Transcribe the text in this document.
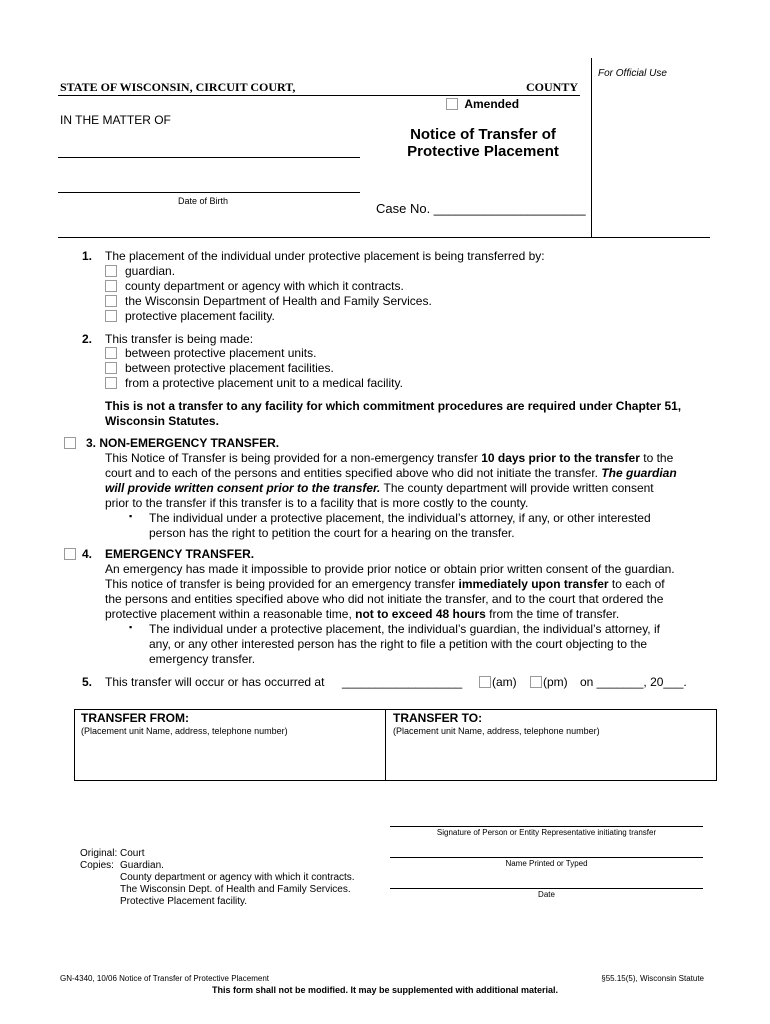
For Official Use
STATE OF WISCONSIN, CIRCUIT COURT,	COUNTY
Amended
IN THE MATTER OF
Date of Birth
Notice of Transfer of
Protective Placement
Case No. _____________________
1. The placement of the individual under protective placement is being transferred by:
guardian.
county department or agency with which it contracts.
the Wisconsin Department of Health and Family Services.
protective placement facility.
2. This transfer is being made:
between protective placement units.
between protective placement facilities.
from a protective placement unit to a medical facility.
This is not a transfer to any facility for which commitment procedures are required under Chapter 51,
Wisconsin Statutes.
3. NON-EMERGENCY TRANSFER.
This Notice of Transfer is being provided for a non-emergency transfer 10 days prior to the transfer to the
court and to each of the persons and entities specified above who did not initiate the transfer. The guardian
will provide written consent prior to the transfer. The county department will provide written consent
prior to the transfer if this transfer is to a facility that is more costly to the county.
▪ The individual under a protective placement, the individual’s attorney, if any, or other interested
person has the right to petition the court for a hearing on the transfer.
4. EMERGENCY TRANSFER.
An emergency has made it impossible to provide prior notice or obtain prior written consent of the guardian.
This notice of transfer is being provided for an emergency transfer immediately upon transfer to each of
the persons and entities specified above who did not initiate the transfer, and to the court that ordered the
protective placement within a reasonable time, not to exceed 48 hours from the time of transfer.
▪ The individual under a protective placement, the individual’s guardian, the individual’s attorney, if
any, or any other interested person has the right to file a petition with the court objecting to the
emergency transfer.
5. This transfer will occur or has occurred at __________________	(am)	(pm) on _______, 20___.
TRANSFER FROM:
(Placement unit Name, address, telephone number)
TRANSFER TO:
(Placement unit Name, address, telephone number)
Signature of Person or Entity Representative initiating transfer
Name Printed or Typed
Date
Original: Court
Copies: Guardian.
County department or agency with which it contracts.
The Wisconsin Dept. of Health and Family Services.
Protective Placement facility.
GN-4340, 10/06 Notice of Transfer of Protective Placement	§55.15(5), Wisconsin Statute
This form shall not be modified. It may be supplemented with additional material.
